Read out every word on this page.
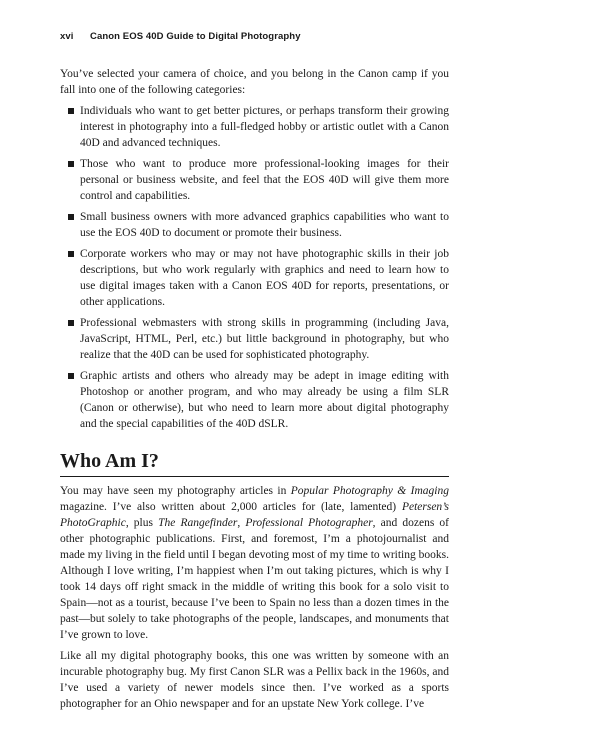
xvi Canon EOS 40D Guide to Digital Photography

You’ve selected your camera of choice, and you belong in the Canon camp if you fall into one of the following categories:

Individuals who want to get better pictures, or perhaps transform their growing interest in photography into a full-fledged hobby or artistic outlet with a Canon 40D and advanced techniques.
Those who want to produce more professional-looking images for their personal or business website, and feel that the EOS 40D will give them more control and capabilities.
Small business owners with more advanced graphics capabilities who want to use the EOS 40D to document or promote their business.
Corporate workers who may or may not have photographic skills in their job descriptions, but who work regularly with graphics and need to learn how to use digital images taken with a Canon EOS 40D for reports, presentations, or other applications.
Professional webmasters with strong skills in programming (including Java, JavaScript, HTML, Perl, etc.) but little background in photography, but who realize that the 40D can be used for sophisticated photography.
Graphic artists and others who already may be adept in image editing with Photoshop or another program, and who may already be using a film SLR (Canon or otherwise), but who need to learn more about digital photography and the special capabilities of the 40D dSLR.
Who Am I?

You may have seen my photography articles in Popular Photography & Imaging magazine. I’ve also written about 2,000 articles for (late, lamented) Petersen’s PhotoGraphic, plus The Rangefinder, Professional Photographer, and dozens of other photographic publications. First, and foremost, I’m a photojournalist and made my living in the field until I began devoting most of my time to writing books. Although I love writing, I’m happiest when I’m out taking pictures, which is why I took 14 days off right smack in the middle of writing this book for a solo visit to Spain—not as a tourist, because I’ve been to Spain no less than a dozen times in the past—but solely to take photographs of the people, landscapes, and monuments that I’ve grown to love.

Like all my digital photography books, this one was written by someone with an incurable photography bug. My first Canon SLR was a Pellix back in the 1960s, and I’ve used a variety of newer models since then. I’ve worked as a sports photographer for an Ohio newspaper and for an upstate New York college. I’ve
